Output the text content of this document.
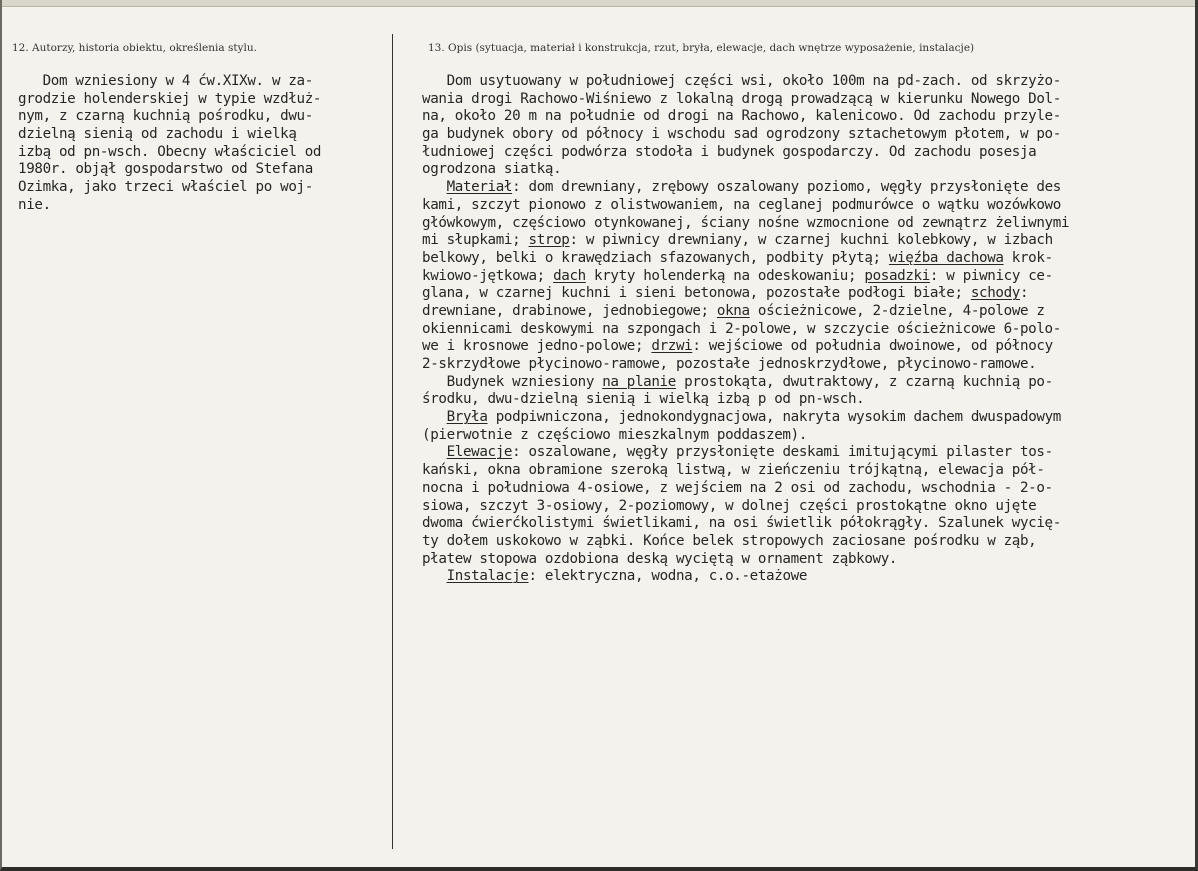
12. Autorzy, historia obiektu, określenia stylu.	13. Opis (sytuacja, materiał i konstrukcja, rzut, bryła, elewacje, dach wnętrze wyposażenie, instalacje)
Dom wzniesiony w 4 ćw.XIXw. w za-
grodzie holenderskiej w typie wzdłuż-
nym, z czarną kuchnią pośrodku, dwu-
dzielną sienią od zachodu i wielką
izbą od pn-wsch. Obecny właściciel od
1980r. objął gospodarstwo od Stefana
Ozimka, jako trzeci właściel po woj-
nie.
Dom usytuowany w południowej części wsi, około 100m na pd-zach. od skrzyżo-
wania drogi Rachowo-Wiśniewo z lokalną drogą prowadzącą w kierunku Nowego Dol-
na, około 20 m na południe od drogi na Rachowo, kalenicowo. Od zachodu przyle-
ga budynek obory od północy i wschodu sad ogrodzony sztachetowym płotem, w po-
łudniowej części podwórza stodoła i budynek gospodarczy. Od zachodu posesja
ogrodzona siatką.
Materiał: dom drewniany, zrębowy oszalowany poziomo, węgły przysłonięte des
kami, szczyt pionowo z olistwowaniem, na ceglanej podmurówce o wątku wozówkowo
główkowym, częściowo otynkowanej, ściany nośne wzmocnione od zewnątrz żeliwnymi
mi słupkami; strop: w piwnicy drewniany, w czarnej kuchni kolebkowy, w izbach
belkowy, belki o krawędziach sfazowanych, podbity płytą; więźba dachowa krok-
kwiowo-jętkowa; dach kryty holenderką na odeskowaniu; posadzki: w piwnicy ce-
glana, w czarnej kuchni i sieni betonowa, pozostałe podłogi białe; schody:
drewniane, drabinowe, jednobiegowe; okna ościeżnicowe, 2-dzielne, 4-polowe z
okiennicami deskowymi na szpongach i 2-polowe, w szczycie ościeżnicowe 6-polo-
we i krosnowe jedno-polowe; drzwi: wejściowe od południa dwoinowe, od północy
2-skrzydłowe płycinowo-ramowe, pozostałe jednoskrzydłowe, płycinowo-ramowe.
Budynek wzniesiony na planie prostokąta, dwutraktowy, z czarną kuchnią po-
środku, dwu-dzielną sienią i wielką izbą p od pn-wsch.
Bryła podpiwniczona, jednokondygnacjowa, nakryta wysokim dachem dwuspadowym
(pierwotnie z częściowo mieszkalnym poddaszem).
Elewacje: oszalowane, węgły przysłonięte deskami imitującymi pilaster tos-
kański, okna obramione szeroką listwą, w zieńczeniu trójkątną, elewacja pół-
nocna i południowa 4-osiowe, z wejściem na 2 osi od zachodu, wschodnia - 2-o-
siowa, szczyt 3-osiowy, 2-poziomowy, w dolnej części prostokątne okno ujęte
dwoma ćwierćkolistymi świetlikami, na osi świetlik półokrągły. Szalunek wycię-
ty dołem uskokowo w ząbki. Końce belek stropowych zaciosane pośrodku w ząb,
płatew stopowa ozdobiona deską wyciętą w ornament ząbkowy.
Instalacje: elektryczna, wodna, c.o.-etażowe
